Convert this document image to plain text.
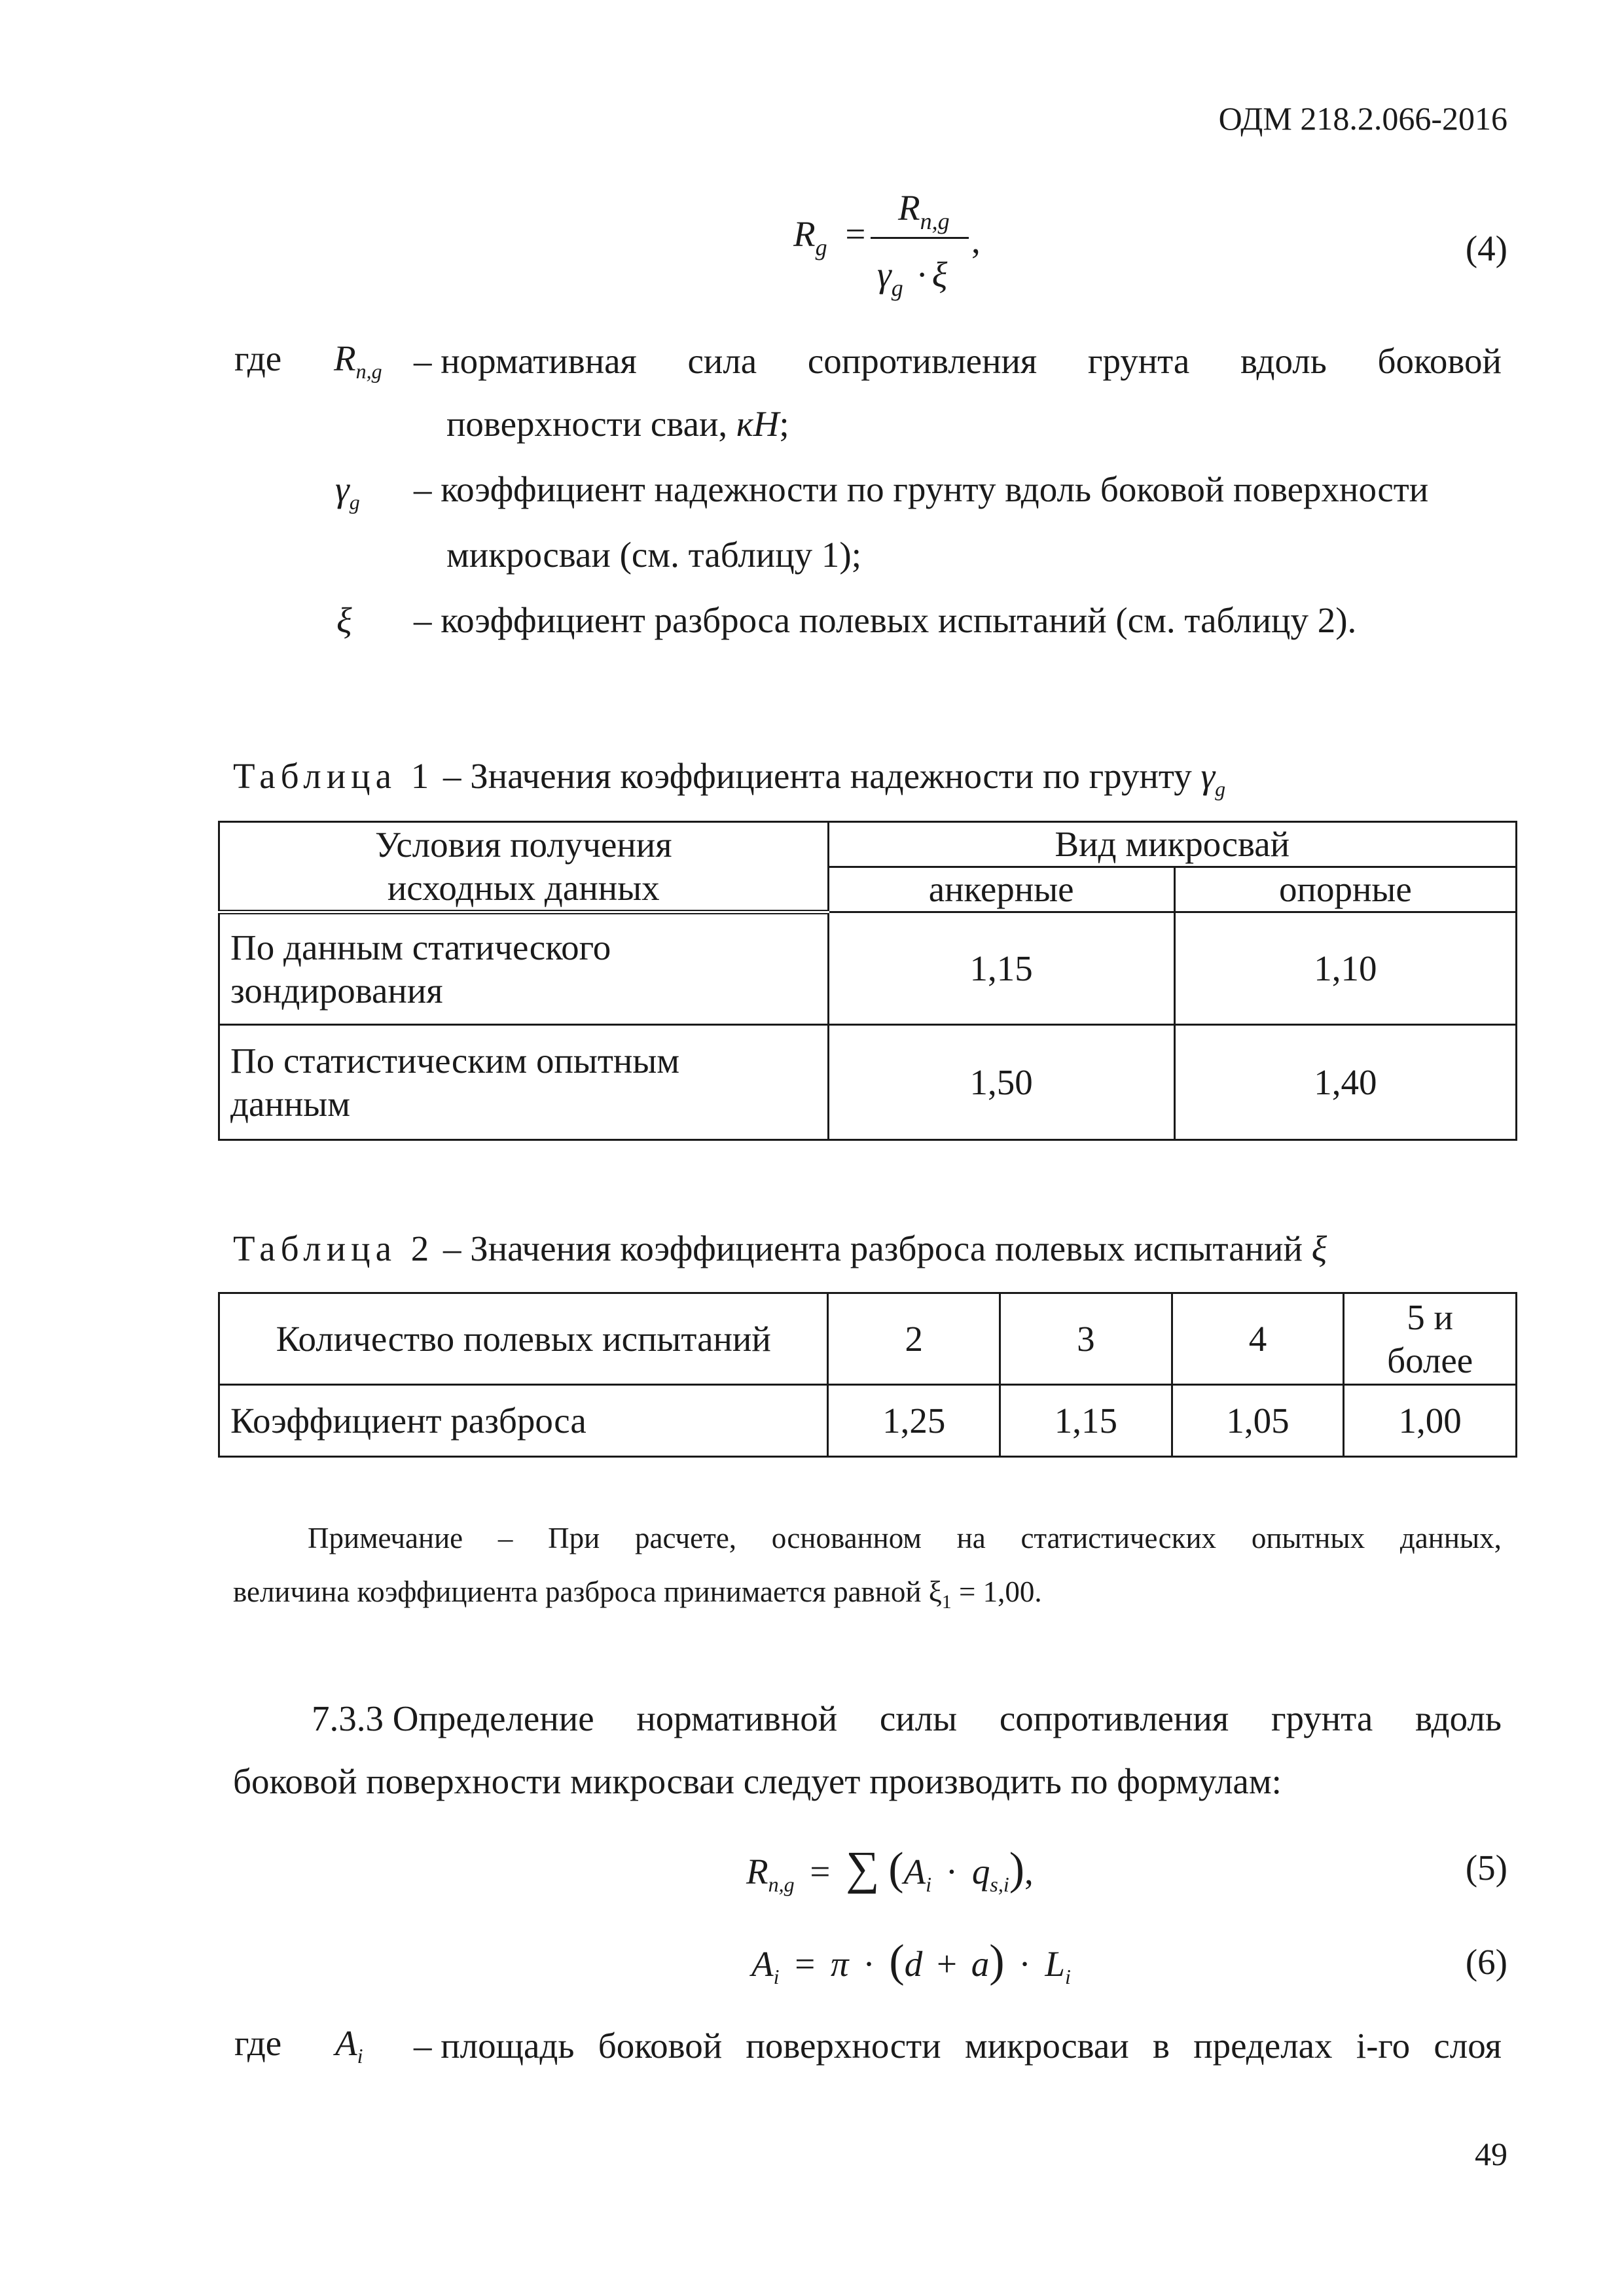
ОДМ 218.2.066-2016
$R_g$ =
$R_{n,g}$
$\gamma_g \cdot \xi$
,	(4)
где $R_{n,g}$ – нормативная сила сопротивления грунта вдоль боковой
поверхности сваи, кН;
$\gamma_g$ – коэффициент надежности по грунту вдоль боковой поверхности
микросваи (см. таблицу 1);
ξ – коэффициент разброса полевых испытаний (см. таблицу 2).
Таблица 1 – Значения коэффициента надежности по грунту $\gamma_g$
Условия получения
исходных данных	Вид микросвай	
	анкерные	опорные

По данным статического
зондирования	1,15	1,10

По статистическим опытным
данным	1,50	1,40
Таблица 2 – Значения коэффициента разброса полевых испытаний ξ
Количество полевых испытаний	2	3	4	5 и
более

Коэффициент разброса	1,25	1,15	1,05	1,00
Примечание – При расчете, основанном на статистических опытных данных,
величина коэффициента разброса принимается равной $\xi_1 = 1,00$.
7.3.3 Определение нормативной силы сопротивления грунта вдоль
боковой поверхности микросваи следует производить по формулам:
$R_{n,g}$ = ∑ $(A_i \cdot q_{s,i})$,	(5)
$A_i = \pi \cdot (d + a) \cdot L_i$	(6)
где $A_i$ – площадь боковой поверхности микросваи в пределах i-го слоя
49
